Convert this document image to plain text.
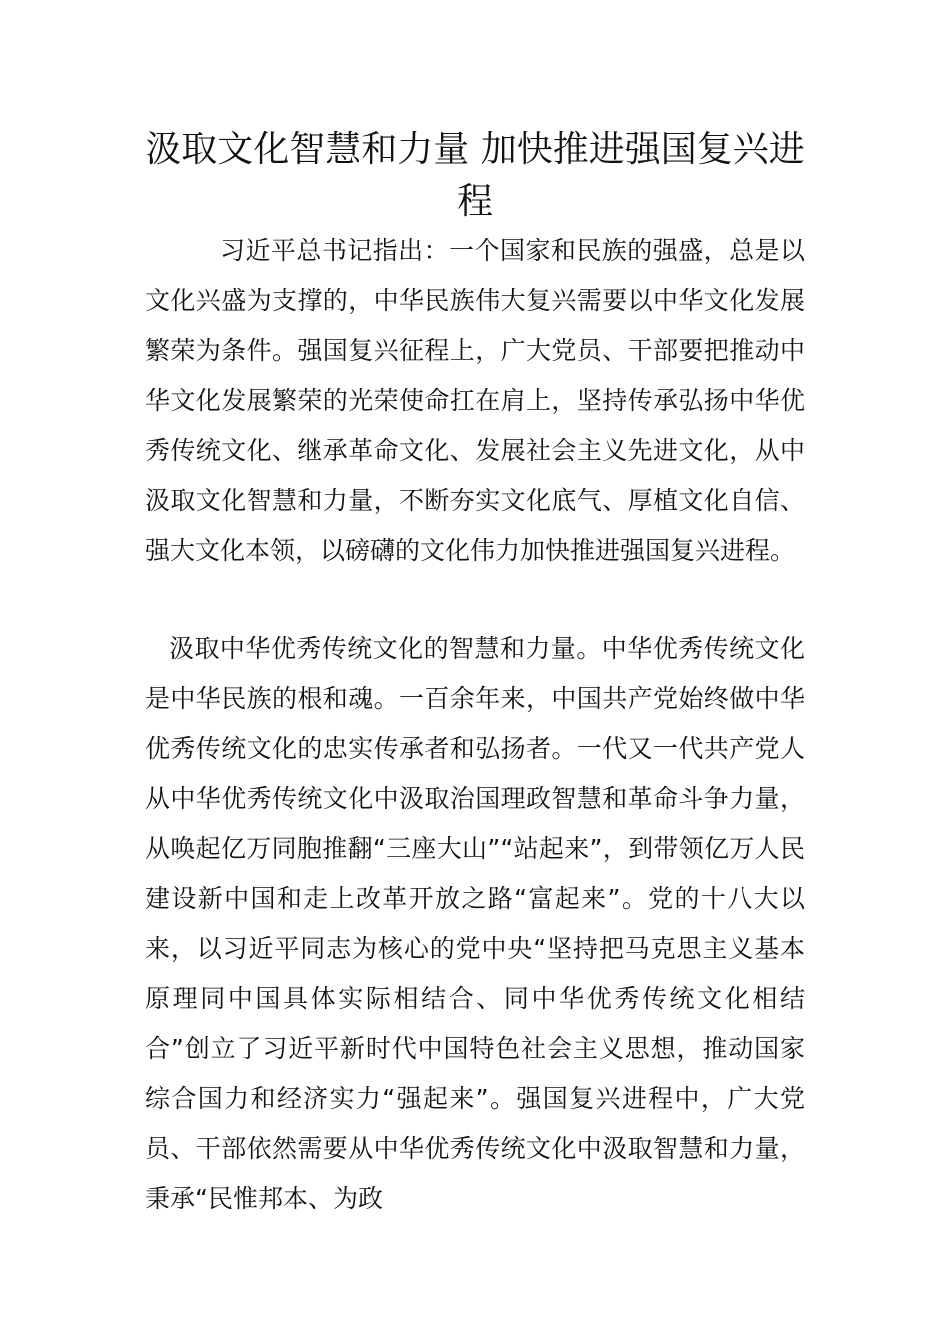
汲取文化智慧和力量 加快推进强国复兴进程

习近平总书记指出：一个国家和民族的强盛，总是以文化兴盛为支撑的，中华民族伟大复兴需要以中华文化发展繁荣为条件。强国复兴征程上，广大党员、干部要把推动中华文化发展繁荣的光荣使命扛在肩上，坚持传承弘扬中华优秀传统文化、继承革命文化、发展社会主义先进文化，从中汲取文化智慧和力量，不断夯实文化底气、厚植文化自信、强大文化本领，以磅礴的文化伟力加快推进强国复兴进程。

汲取中华优秀传统文化的智慧和力量。中华优秀传统文化是中华民族的根和魂。一百余年来，中国共产党始终做中华优秀传统文化的忠实传承者和弘扬者。一代又一代共产党人从中华优秀传统文化中汲取治国理政智慧和革命斗争力量，从唤起亿万同胞推翻“三座大山”“站起来”，到带领亿万人民建设新中国和走上改革开放之路“富起来”。党的十八大以来，以习近平同志为核心的党中央“坚持把马克思主义基本原理同中国具体实际相结合、同中华优秀传统文化相结合”创立了习近平新时代中国特色社会主义思想，推动国家综合国力和经济实力“强起来”。强国复兴进程中，广大党员、干部依然需要从中华优秀传统文化中汲取智慧和力量，秉承“民惟邦本、为政
